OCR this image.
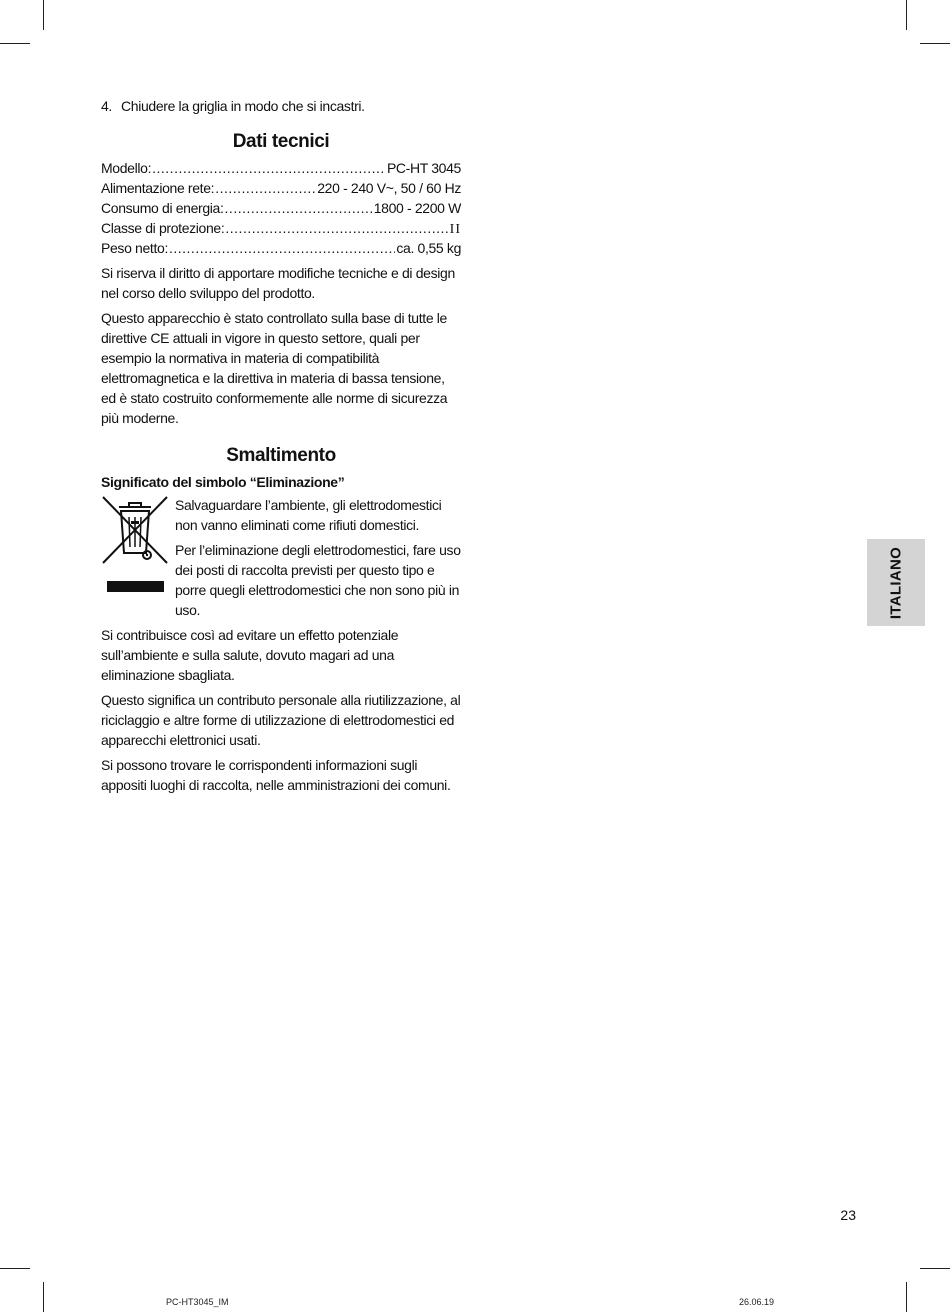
4. Chiudere la griglia in modo che si incastri.

Dati tecnici
Modello: .....	PC-HT 3045
Alimentazione rete: .....	220 - 240 V~, 50 / 60 Hz
Consumo di energia: .....	1800 - 2200 W
Classe di protezione: .....	II
Peso netto: .....	ca. 0,55 kg

Si riserva il diritto di apportare modifiche tecniche e di design nel corso dello sviluppo del prodotto.

Questo apparecchio è stato controllato sulla base di tutte le direttive CE attuali in vigore in questo settore, quali per esempio la normativa in materia di compatibilità elettromagnetica e la direttiva in materia di bassa tensione, ed è stato costruito conformemente alle norme di sicurezza più moderne.

Smaltimento

Significato del simbolo “Eliminazione”

Salvaguardare l’ambiente, gli elettrodomestici non vanno eliminati come rifiuti domestici.

Per l’eliminazione degli elettrodomestici, fare uso dei posti di raccolta previsti per questo tipo e porre quegli elettrodomestici che non sono più in uso.

Si contribuisce così ad evitare un effetto potenziale sull’ambiente e sulla salute, dovuto magari ad una eliminazione sbagliata.

Questo significa un contributo personale alla riutilizzazione, al riciclaggio e altre forme di utilizzazione di elettrodomestici ed apparecchi elettronici usati.

Si possono trovare le corrispondenti informazioni sugli appositi luoghi di raccolta, nelle amministrazioni dei comuni.

ITALIANO
23
PC-HT3045_IM	26.06.19
